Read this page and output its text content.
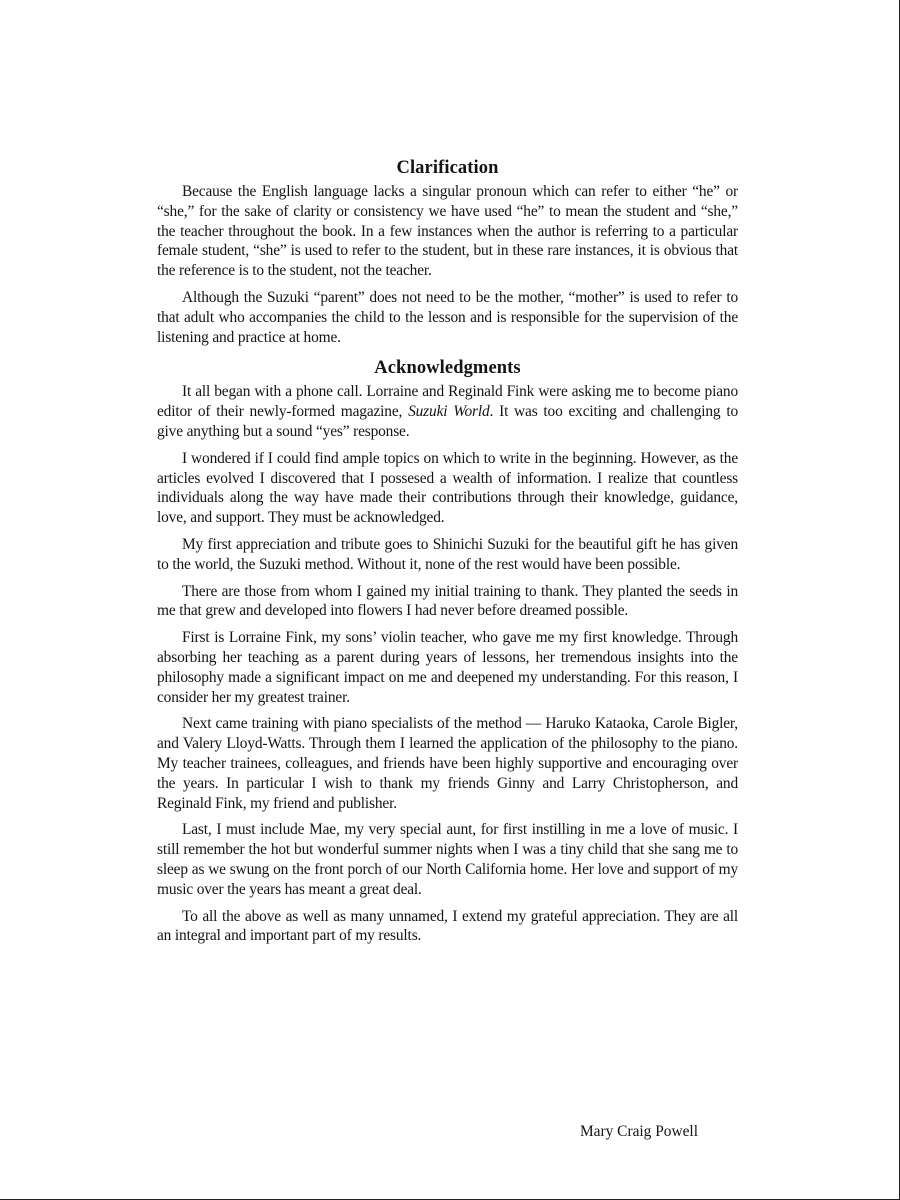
Clarification

Because the English language lacks a singular pronoun which can refer to either “he” or “she,” for the sake of clarity or consistency we have used “he” to mean the student and “she,” the teacher throughout the book. In a few instances when the author is referring to a particular female student, “she” is used to refer to the student, but in these rare instances, it is obvious that the reference is to the student, not the teacher.

Although the Suzuki “parent” does not need to be the mother, “mother” is used to refer to that adult who accompanies the child to the lesson and is responsible for the supervision of the listening and practice at home.

Acknowledgments

It all began with a phone call. Lorraine and Reginald Fink were asking me to become piano editor of their newly-formed magazine, Suzuki World. It was too exciting and challenging to give anything but a sound “yes” response.

I wondered if I could find ample topics on which to write in the beginning. However, as the articles evolved I discovered that I possesed a wealth of information. I realize that countless individuals along the way have made their contributions through their knowledge, guidance, love, and support. They must be acknowledged.

My first appreciation and tribute goes to Shinichi Suzuki for the beautiful gift he has given to the world, the Suzuki method. Without it, none of the rest would have been possible.

There are those from whom I gained my initial training to thank. They planted the seeds in me that grew and developed into flowers I had never before dreamed possible.

First is Lorraine Fink, my sons’ violin teacher, who gave me my first knowledge. Through absorbing her teaching as a parent during years of lessons, her tremendous insights into the philosophy made a significant impact on me and deepened my understanding. For this reason, I consider her my greatest trainer.

Next came training with piano specialists of the method — Haruko Kataoka, Carole Bigler, and Valery Lloyd-Watts. Through them I learned the application of the philosophy to the piano. My teacher trainees, colleagues, and friends have been highly supportive and encouraging over the years. In particular I wish to thank my friends Ginny and Larry Christopherson, and Reginald Fink, my friend and publisher.

Last, I must include Mae, my very special aunt, for first instilling in me a love of music. I still remember the hot but wonderful summer nights when I was a tiny child that she sang me to sleep as we swung on the front porch of our North California home. Her love and support of my music over the years has meant a great deal.

To all the above as well as many unnamed, I extend my grateful appreciation. They are all an integral and important part of my results.

Mary Craig Powell
